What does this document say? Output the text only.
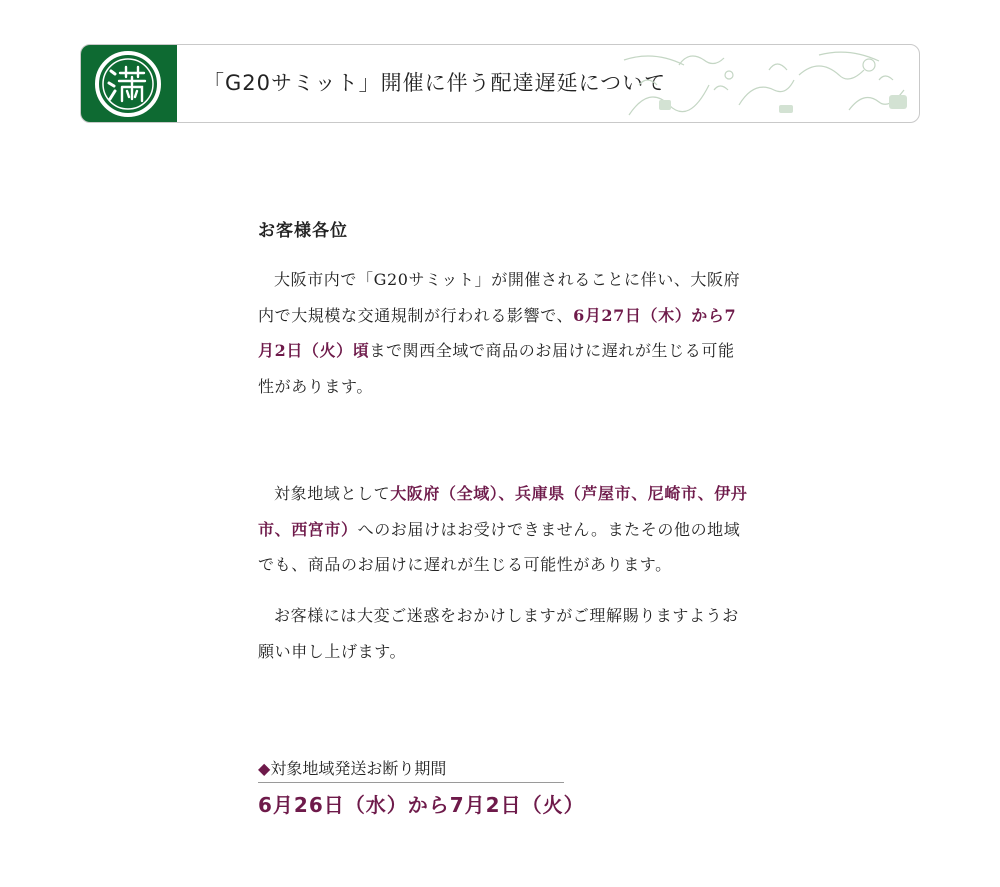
「G20サミット」開催に伴う配達遅延について

お客様各位

大阪市内で「G20サミット」が開催されることに伴い、大阪府内で大規模な交通規制が行われる影響で、6月27日（木）から7月2日（火）頃まで関西全域で商品のお届けに遅れが生じる可能性があります。
対象地域として大阪府（全域）、兵庫県（芦屋市、尼崎市、伊丹市、西宮市）へのお届けはお受けできません。またその他の地域でも、商品のお届けに遅れが生じる可能性があります。
お客様には大変ご迷惑をおかけしますがご理解賜りますようお願い申し上げます。
◆対象地域発送お断り期間
6月26日（水）から7月2日（火）
